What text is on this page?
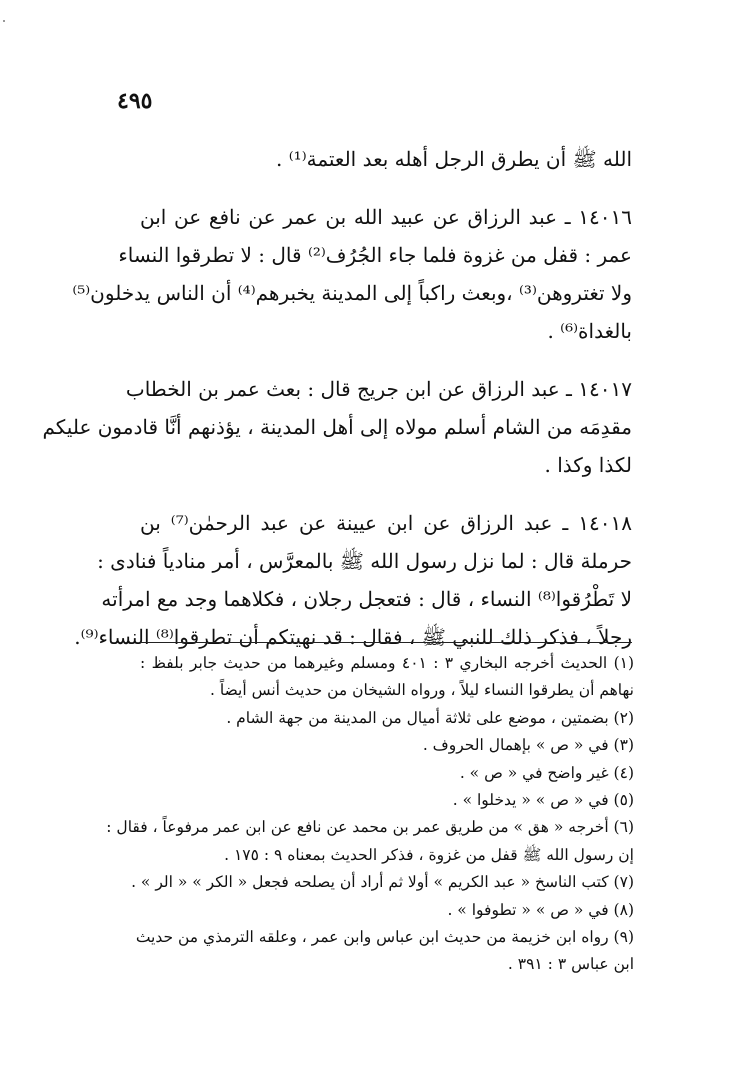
٤٩٥
الله ﷺ أن يطرق الرجل أهله بعد العتمة⁽¹⁾ .
١٤٠١٦ ـ عبد الرزاق عن عبيد الله بن عمر عن نافع عن ابن
عمر : قفل من غزوة فلما جاء الجُرُف⁽²⁾ قال : لا تطرقوا النساء
ولا تغتروهن⁽³⁾ ،وبعث راكباً إلى المدينة يخبرهم⁽⁴⁾ أن الناس يدخلون⁽⁵⁾
بالغداة⁽⁶⁾ .
١٤٠١٧ ـ عبد الرزاق عن ابن جريج قال : بعث عمر بن الخطاب
مقدِمَه من الشام أسلم مولاه إلى أهل المدينة ، يؤذنهم أنَّا قادمون عليكم
لكذا وكذا .
١٤٠١٨ ـ عبد الرزاق عن ابن عيينة عن عبد الرحمٰن⁽⁷⁾ بن
حرملة قال : لما نزل رسول الله ﷺ بالمعرَّس ، أمر منادياً فنادى :
لا تَطْرُقوا⁽⁸⁾ النساء ، قال : فتعجل رجلان ، فكلاهما وجد مع امرأته
رجلاً ، فذكر ذلك للنبي ﷺ ، فقال : قد نهيتكم أن تطرقوا⁽⁸⁾ النساء⁽⁹⁾.
(١) الحديث أخرجه البخاري ٣ : ٤٠١ ومسلم وغيرهما من حديث جابر بلفظ :
نهاهم أن يطرقوا النساء ليلاً ، ورواه الشيخان من حديث أنس أيضاً .
(٢) بضمتين ، موضع على ثلاثة أميال من المدينة من جهة الشام .
(٣) في « ص » بإهمال الحروف .
(٤) غير واضح في « ص » .
(٥) في « ص » « يدخلوا » .
(٦) أخرجه « هق » من طريق عمر بن محمد عن نافع عن ابن عمر مرفوعاً ، فقال :
إن رسول الله ﷺ قفل من غزوة ، فذكر الحديث بمعناه ٩ : ١٧٥ .
(٧) كتب الناسخ « عبد الكريم » أولا ثم أراد أن يصلحه فجعل « الكر » « الر » .
(٨) في « ص » « تطوفوا » .
(٩) رواه ابن خزيمة من حديث ابن عباس وابن عمر ، وعلقه الترمذي من حديث
ابن عباس ٣ : ٣٩١ .
